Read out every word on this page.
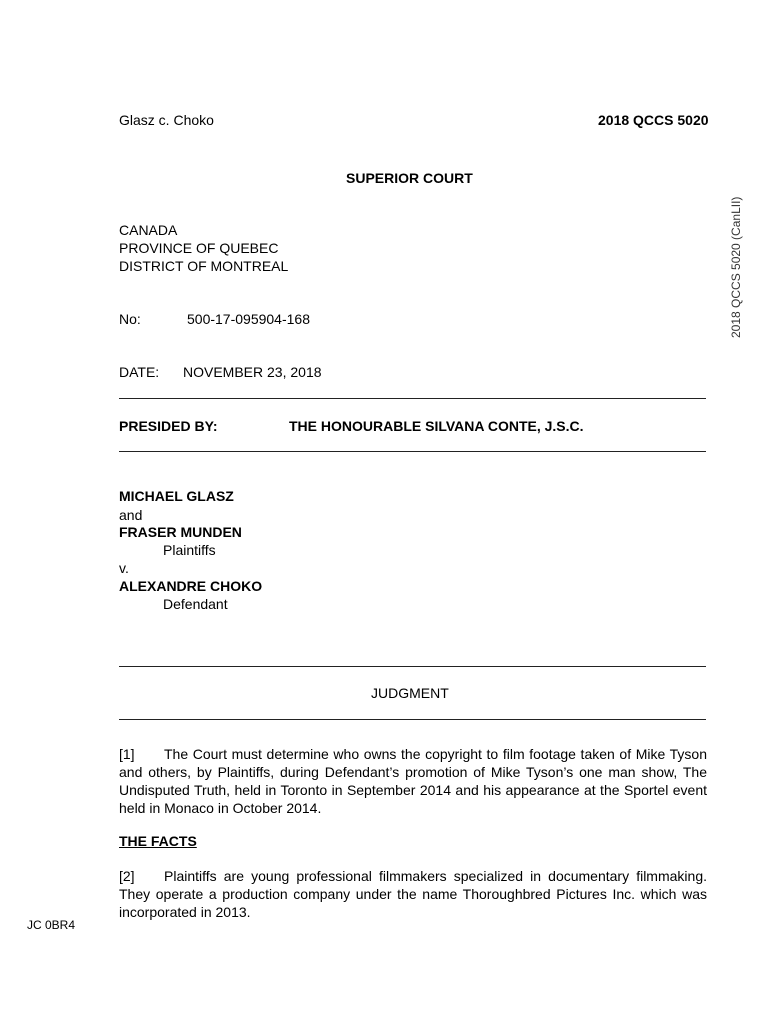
Glasz c. Choko	2018 QCCS 5020
2018 QCCS 5020 (CanLII)
SUPERIOR COURT
CANADA
PROVINCE OF QUEBEC
DISTRICT OF MONTREAL
No:	500-17-095904-168
DATE: NOVEMBER 23, 2018
PRESIDED BY:	THE HONOURABLE SILVANA CONTE, J.S.C.
MICHAEL GLASZ
and
FRASER MUNDEN
Plaintiffs
v.
ALEXANDRE CHOKO
Defendant
JUDGMENT
[1] The Court must determine who owns the copyright to film footage taken of Mike Tyson and others, by Plaintiffs, during Defendant’s promotion of Mike Tyson’s one man show, The Undisputed Truth, held in Toronto in September 2014 and his appearance at the Sportel event held in Monaco in October 2014.
THE FACTS
[2] Plaintiffs are young professional filmmakers specialized in documentary filmmaking. They operate a production company under the name Thoroughbred Pictures Inc. which was incorporated in 2013.
JC 0BR4
